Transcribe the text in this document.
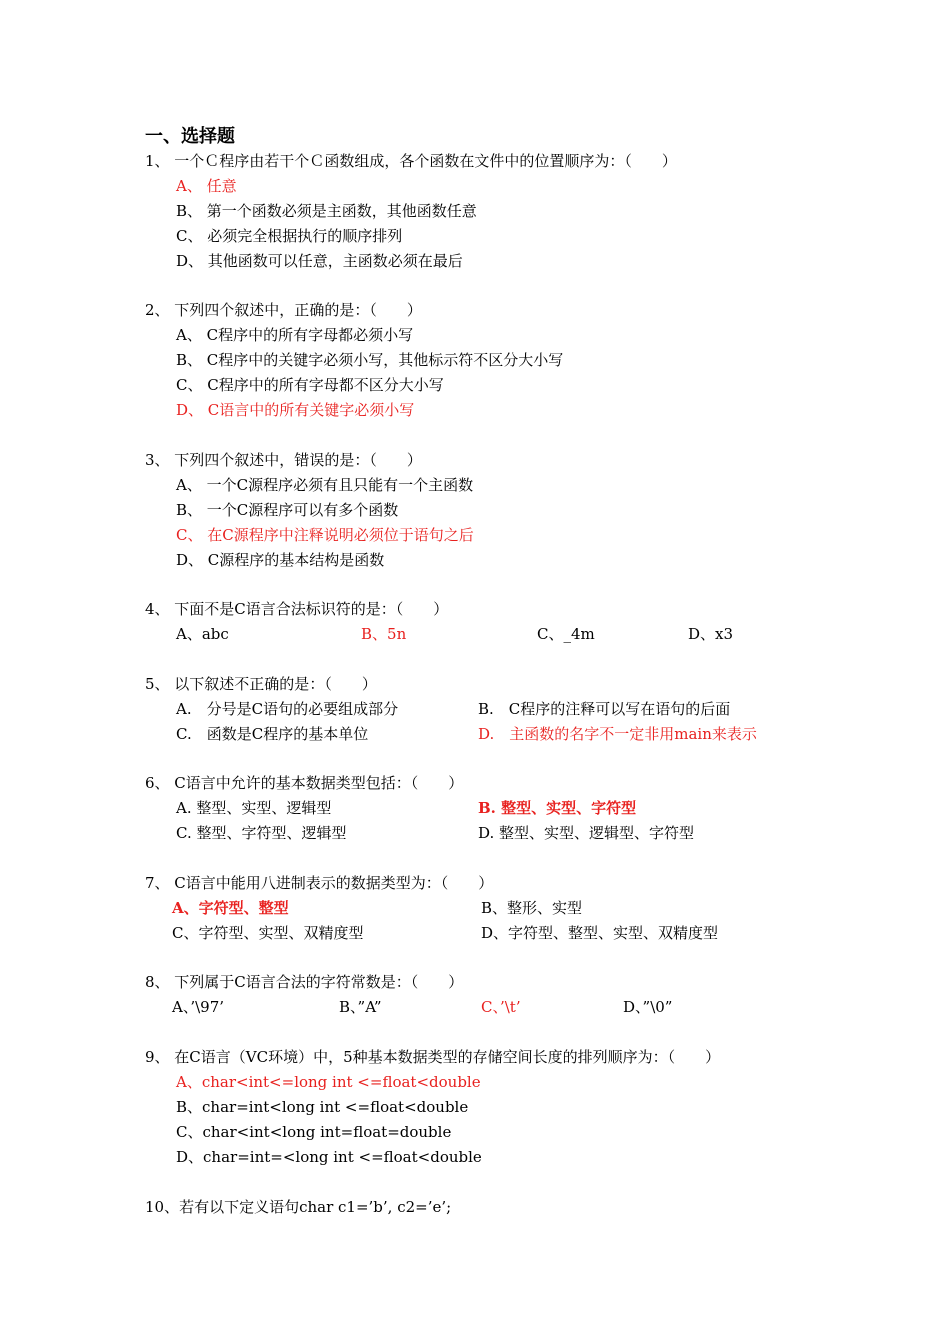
一、选择题
1、 一个Ｃ程序由若干个Ｃ函数组成，各个函数在文件中的位置顺序为：（　　）
A、 任意
B、 第一个函数必须是主函数，其他函数任意
C、 必须完全根据执行的顺序排列
D、 其他函数可以任意，主函数必须在最后
2、 下列四个叙述中，正确的是：（　　）
A、 C程序中的所有字母都必须小写
B、 C程序中的关键字必须小写，其他标示符不区分大小写
C、 C程序中的所有字母都不区分大小写
D、 C语言中的所有关键字必须小写
3、 下列四个叙述中，错误的是：（　　）
A、 一个C源程序必须有且只能有一个主函数
B、 一个C源程序可以有多个函数
C、 在C源程序中注释说明必须位于语句之后
D、 C源程序的基本结构是函数
4、 下面不是C语言合法标识符的是：（　　）
A、abc	B、5n	C、_4m	D、x3
5、 以下叙述不正确的是：（　　）
A.　分号是C语句的必要组成部分	B.　C程序的注释可以写在语句的后面
C.　函数是C程序的基本单位	D.　主函数的名字不一定非用main来表示
6、 C语言中允许的基本数据类型包括：（　　）
A. 整型、实型、逻辑型	B. 整型、实型、字符型
C. 整型、字符型、逻辑型	D. 整型、实型、逻辑型、字符型
7、 C语言中能用八进制表示的数据类型为：（　　）
A、字符型、整型	B、整形、实型
C、字符型、实型、双精度型	D、字符型、整型、实型、双精度型
8、 下列属于C语言合法的字符常数是：（　　）
A、’\97’	B、”A”	C、’\t’	D、”\0”
9、 在C语言（VC环境）中，5种基本数据类型的存储空间长度的排列顺序为：（　　）
A、char<int<=long int <=float<double
B、char=int<long int <=float<double
C、char<int<long int=float=double
D、char=int=<long int <=float<double
10、若有以下定义语句char c1=’b’, c2=’e’;
